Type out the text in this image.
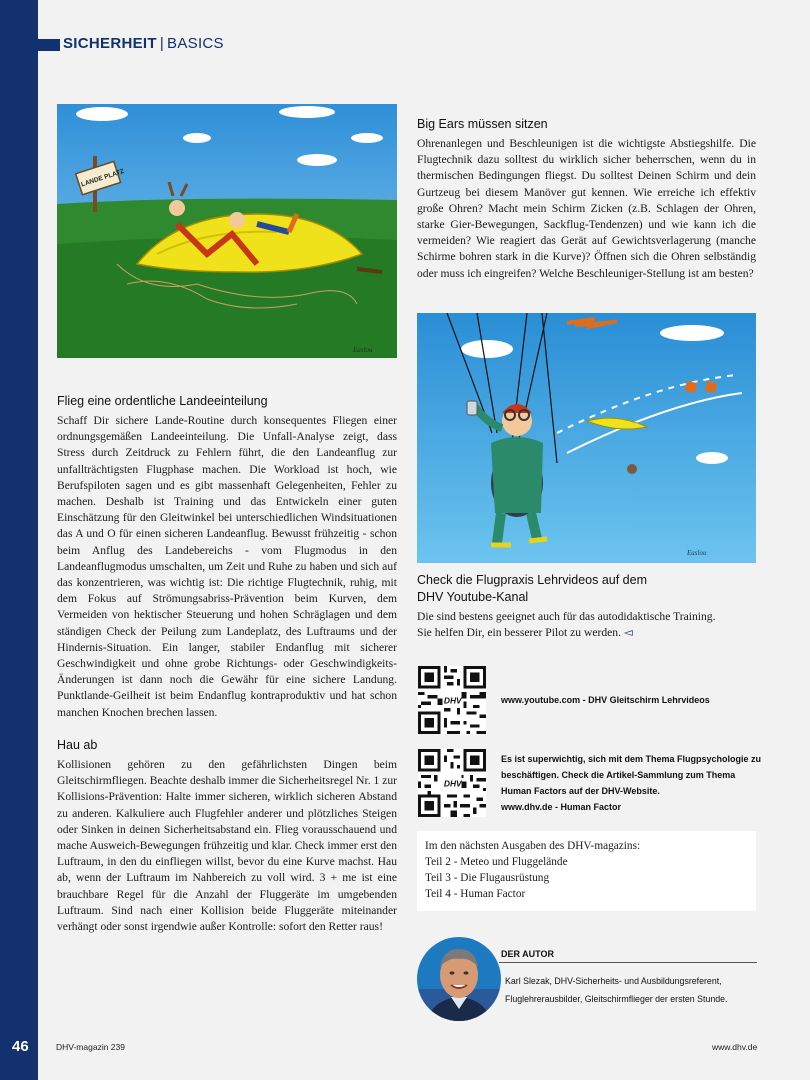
SICHERHEIT | BASICS
LANDE PLATZ
Easlou
Flieg eine ordentliche Landeeinteilung
Schaff Dir sichere Lande-Routine durch konsequentes Fliegen einer ordnungsgemäßen Landeeinteilung. Die Unfall-Analyse zeigt, dass Stress durch Zeitdruck zu Fehlern führt, die den Landeanflug zur unfallträchtigsten Flugphase machen. Die Workload ist hoch, wie Berufspiloten sagen und es gibt massenhaft Gelegenheiten, Fehler zu machen. Deshalb ist Training und das Entwickeln einer guten Einschätzung für den Gleitwinkel bei unterschiedlichen Windsituationen das A und O für einen sicheren Landeanflug. Bewusst frühzeitig - schon beim Anflug des Landebereichs - vom Flugmodus in den Landeanflugmodus umschalten, um Zeit und Ruhe zu haben und sich auf das konzentrieren, was wichtig ist: Die richtige Flugtechnik, ruhig, mit dem Fokus auf Strömungsabriss-Prävention beim Kurven, dem Vermeiden von hektischer Steuerung und hohen Schräglagen und dem ständigen Check der Peilung zum Landeplatz, des Luftraums und der Hindernis-Situation. Ein langer, stabiler Endanflug mit sicherer Geschwindigkeit und ohne grobe Richtungs- oder Geschwindigkeits-Änderungen ist dann noch die Gewähr für eine sichere Landung. Punktlande-Geilheit ist beim Endanflug kontraproduktiv und hat schon manchen Knochen brechen lassen.
Hau ab
Kollisionen gehören zu den gefährlichsten Dingen beim Gleitschirmfliegen. Beachte deshalb immer die Sicherheitsregel Nr. 1 zur Kollisions-Prävention: Halte immer sicheren, wirklich sicheren Abstand zu anderen. Kalkuliere auch Flugfehler anderer und plötzliches Steigen oder Sinken in deinen Sicherheitsabstand ein. Flieg vorausschauend und mache Ausweich-Bewegungen frühzeitig und klar. Check immer erst den Luftraum, in den du einfliegen willst, bevor du eine Kurve machst. Hau ab, wenn der Luftraum im Nahbereich zu voll wird. 3 + me ist eine brauchbare Regel für die Anzahl der Fluggeräte im umgebenden Luftraum. Sind nach einer Kollision beide Fluggeräte miteinander verhängt oder sonst irgendwie außer Kontrolle: sofort den Retter raus!
Big Ears müssen sitzen
Ohrenanlegen und Beschleunigen ist die wichtigste Abstiegshilfe. Die Flugtechnik dazu solltest du wirklich sicher beherrschen, wenn du in thermischen Bedingungen fliegst. Du solltest Deinen Schirm und dein Gurtzeug bei diesem Manöver gut kennen. Wie erreiche ich effektiv große Ohren? Macht mein Schirm Zicken (z.B. Schlagen der Ohren, starke Gier-Bewegungen, Sackflug-Tendenzen) und wie kann ich die vermeiden? Wie reagiert das Gerät auf Gewichtsverlagerung (manche Schirme bohren stark in die Kurve)? Öffnen sich die Ohren selbständig oder muss ich eingreifen? Welche Beschleuniger-Stellung ist am besten?
Easlou
Check die Flugpraxis Lehrvideos auf dem
DHV Youtube-Kanal
Die sind bestens geeignet auch für das autodidaktische Training.
Sie helfen Dir, ein besserer Pilot zu werden. ◅
DHV	www.youtube.com - DHV Gleitschirm Lehrvideos
DHV
Es ist superwichtig, sich mit dem Thema Flugpsychologie zu
beschäftigen. Check die Artikel-Sammlung zum Thema
Human Factors auf der DHV-Website.
www.dhv.de - Human Factor

Im den nächsten Ausgaben des DHV-magazins:

Teil 2 - Meteo und Fluggelände

Teil 3 - Die Flugausrüstung

Teil 4 - Human Factor

DER AUTOR
Karl Slezak, DHV-Sicherheits- und Ausbildungsreferent,
Fluglehrerausbilder, Gleitschirmflieger der ersten Stunde.
46	DHV-magazin 239	www.dhv.de
